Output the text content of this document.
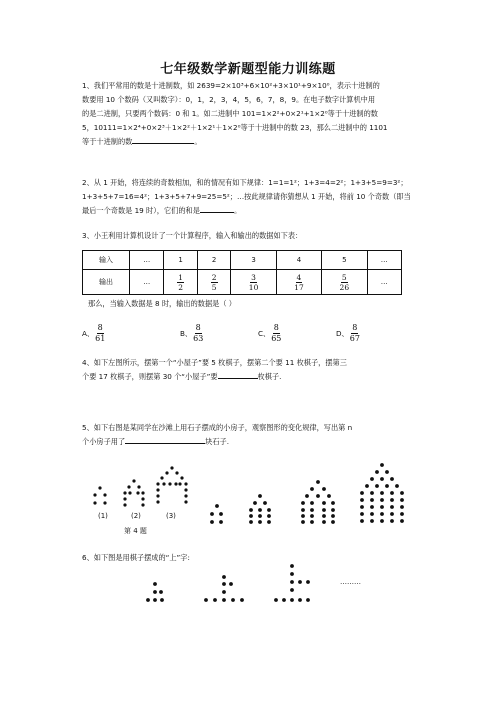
七年级数学新题型能力训练题
1、我们平常用的数是十进制数，如 2639=2×10³+6×10²+3×10¹+9×10⁰，表示十进制的
数要用 10 个数码（又叫数字）：0，1，2，3，4，5，6，7，8，9。在电子数字计算机中用
的是二进制，只要两个数码：0 和 1。如二进制中 101=1×2²+0×2¹+1×2⁰等于十进制的数
5，10111=1×2⁴+0×2³＋1×2²＋1×2¹＋1×2⁰等于十进制中的数 23，那么二进制中的 1101
等于十进制的数	。
2、从 1 开始，将连续的奇数相加，和的情况有如下规律：1=1=1²；1+3=4=2²；1+3+5=9=3²；
1+3+5+7=16=4²；1+3+5+7+9=25=5²；…按此规律请你猜想从 1 开始，将前 10 个奇数（即当
最后一个奇数是 19 时），它们的和是	。
3、小王利用计算机设计了一个计算程序，输入和输出的数据如下表：
输入	…	1	2	3	4	5	…
输出	…	$\frac{1}{2}$	$\frac{2}{5}$	$\frac{3}{10}$	$\frac{4}{17}$	$\frac{5}{26}$	…
那么，当输入数据是 8 时，输出的数据是（ ）
A、 $\frac{8}{61}$	B、 $\frac{8}{63}$	C、 $\frac{8}{65}$	D、 $\frac{8}{67}$
4、如下左图所示，摆第一个“小屋子”要 5 枚棋子，摆第二个要 11 枚棋子，摆第三
个要 17 枚棋子，则摆第 30 个“小屋子”要	枚棋子.
5、如下右图是某同学在沙滩上用石子摆成的小房子，观察图形的变化规律，写出第 n
个小房子用了	块石子.
(1)	(2)	(3)
第 4 题
6、如下图是用棋子摆成的“上”字:
………
